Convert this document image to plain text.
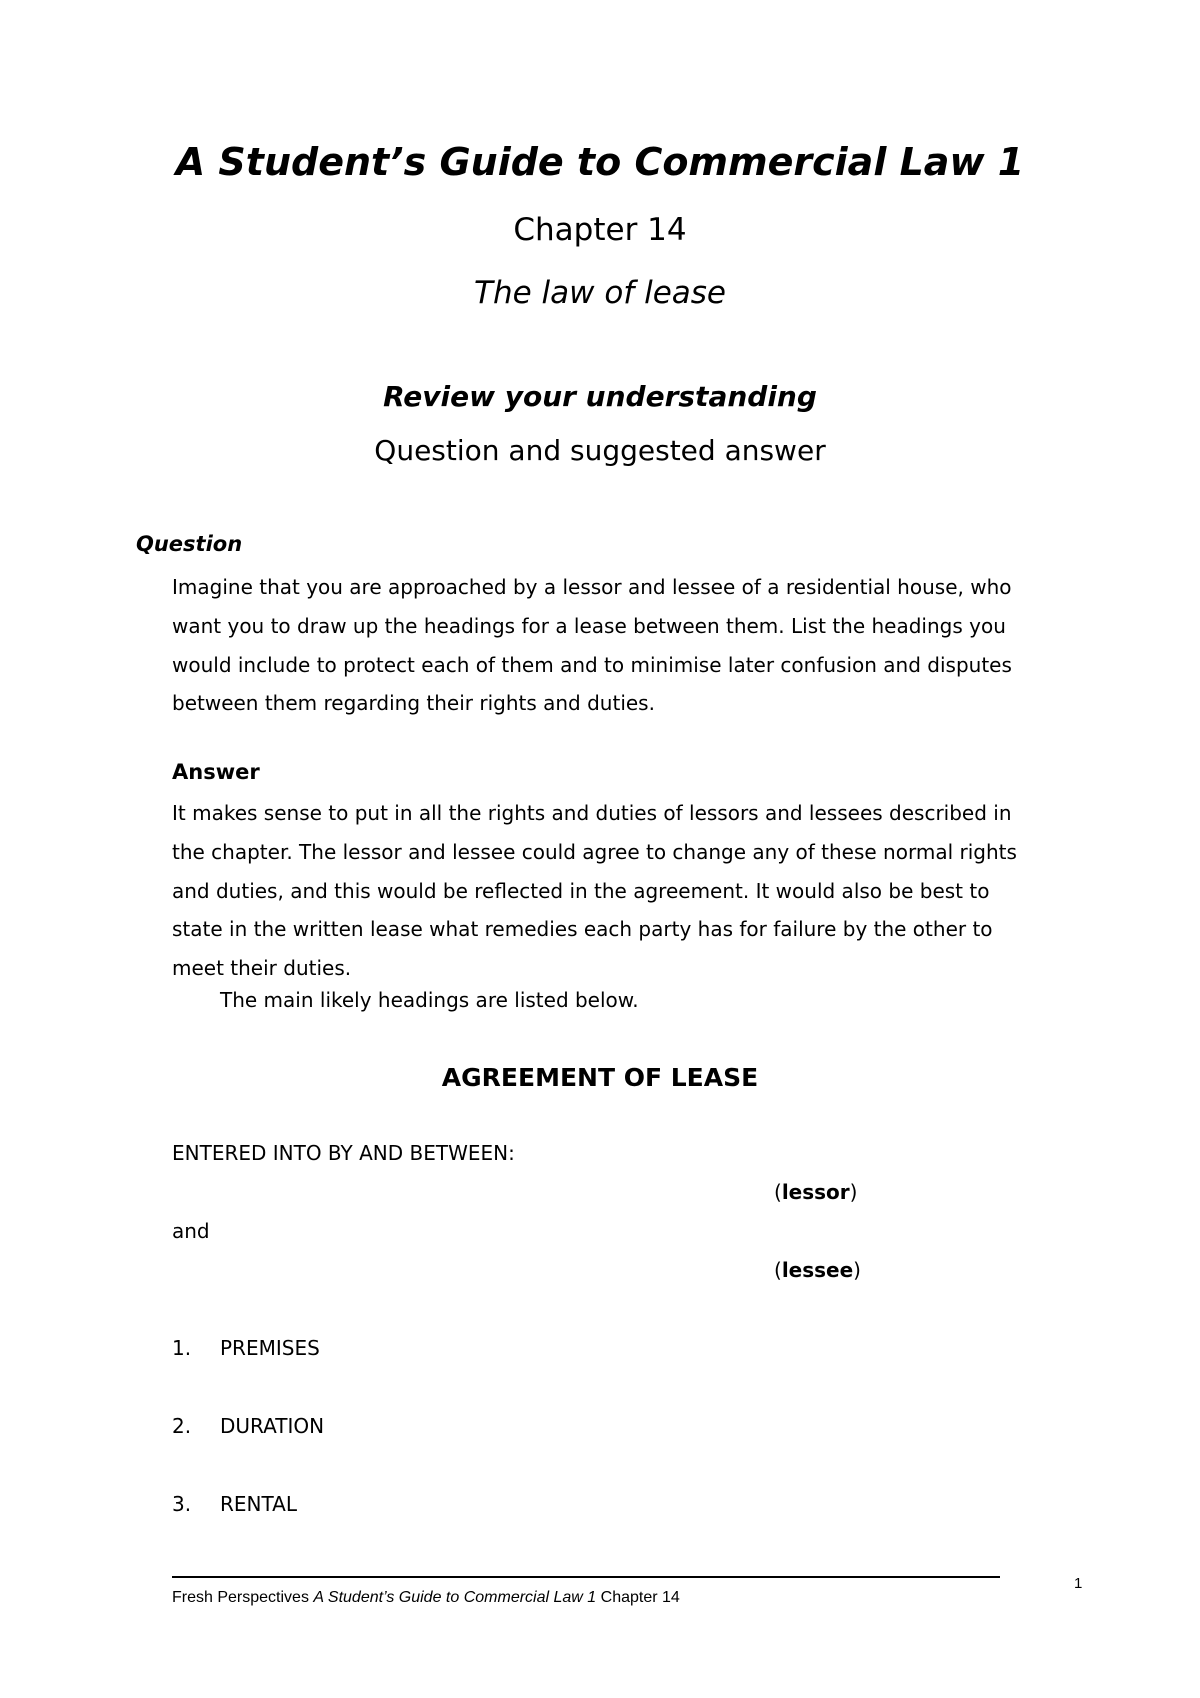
A Student’s Guide to Commercial Law 1
Chapter 14
The law of lease
Review your understanding
Question and suggested answer
Question
Imagine that you are approached by a lessor and lessee of a residential house, who want you to draw up the headings for a lease between them. List the headings you would include to protect each of them and to minimise later confusion and disputes between them regarding their rights and duties.
Answer
It makes sense to put in all the rights and duties of lessors and lessees described in the chapter. The lessor and lessee could agree to change any of these normal rights and duties, and this would be reflected in the agreement. It would also be best to state in the written lease what remedies each party has for failure by the other to meet their duties.
The main likely headings are listed below.
AGREEMENT OF LEASE
ENTERED INTO BY AND BETWEEN:
(lessor)
and
(lessee)
1. PREMISES
2. DURATION
3. RENTAL
Fresh Perspectives A Student’s Guide to Commercial Law 1 Chapter 14
1
